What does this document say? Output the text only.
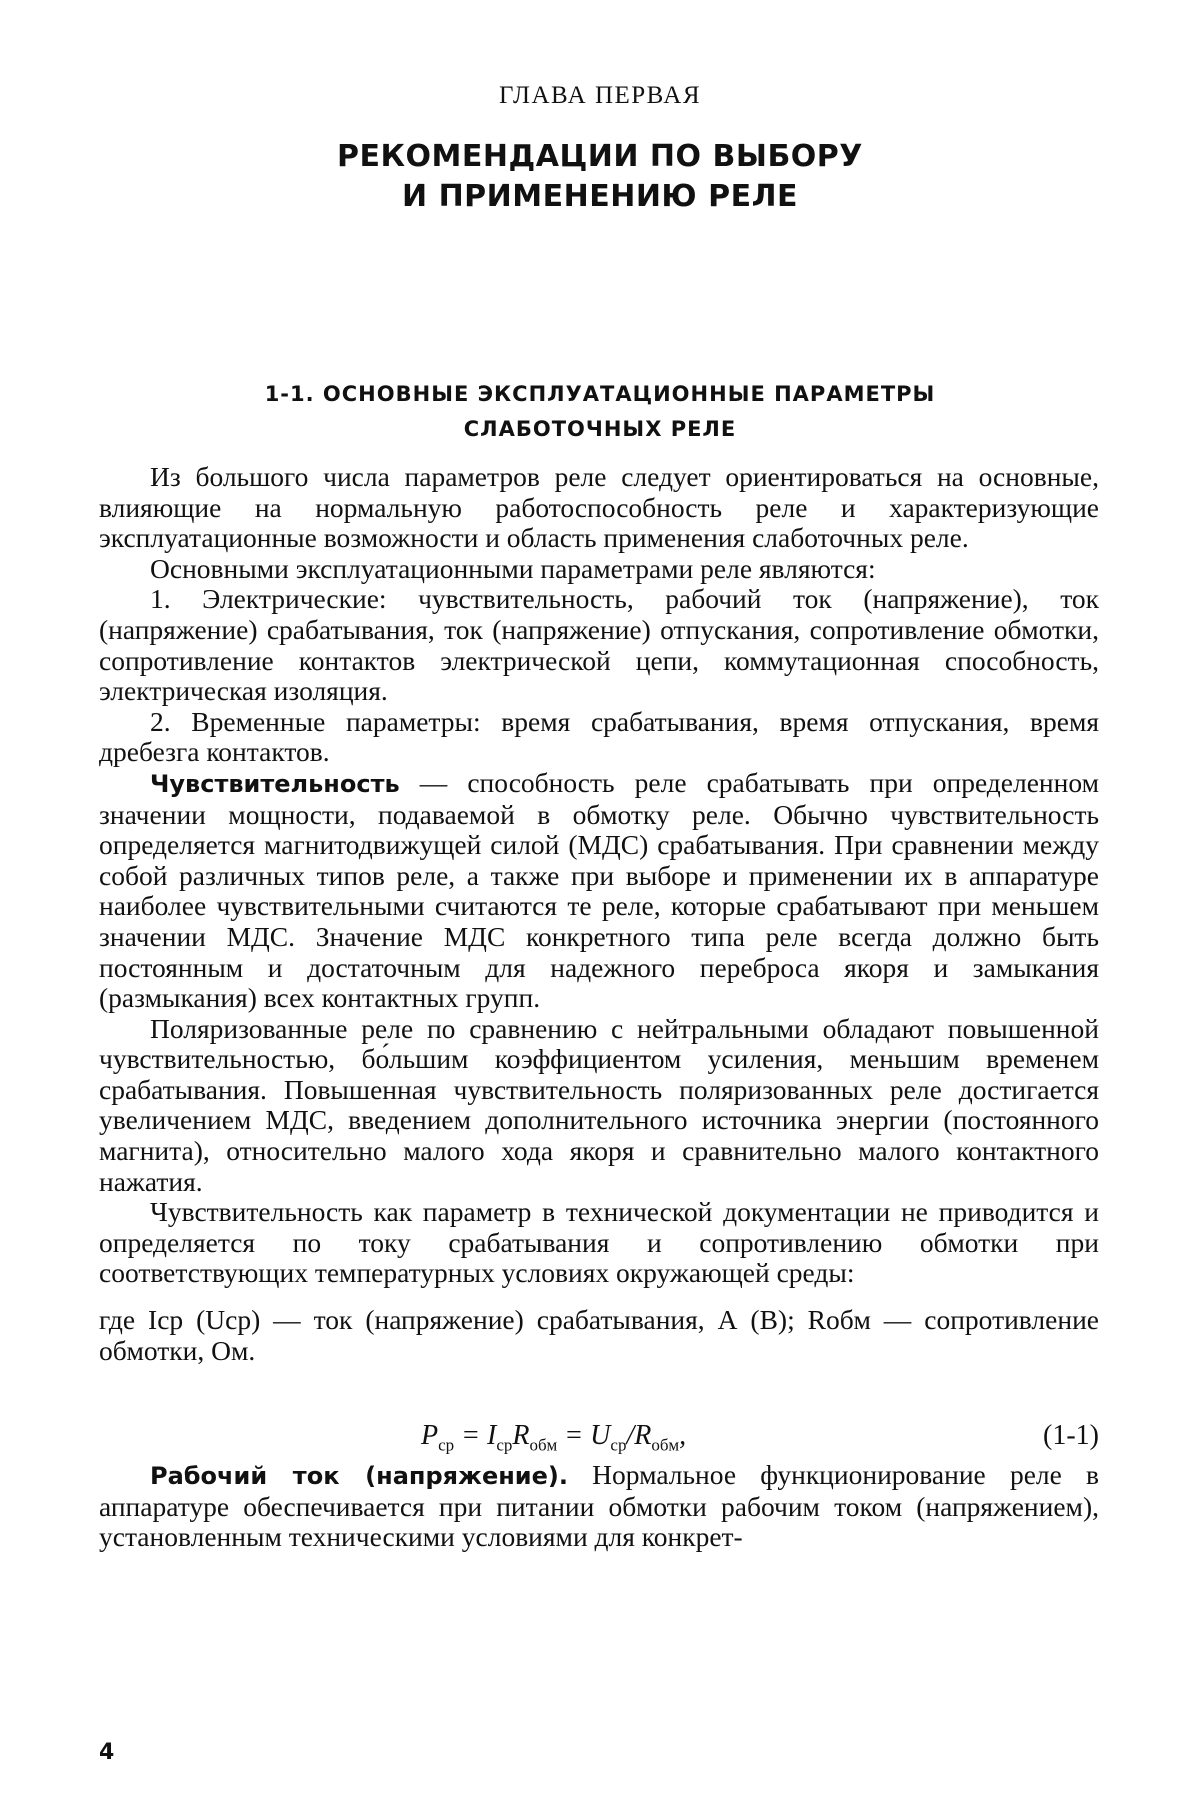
ГЛАВА ПЕРВАЯ
РЕКОМЕНДАЦИИ ПО ВЫБОРУ
И ПРИМЕНЕНИЮ РЕЛЕ
1-1. ОСНОВНЫЕ ЭКСПЛУАТАЦИОННЫЕ ПАРАМЕТРЫ
СЛАБОТОЧНЫХ РЕЛЕ

Из большого числа параметров реле следует ориентироваться на основные, влияющие на нормальную работоспособность реле и характеризующие эксплуатационные возможности и область применения слаботочных реле.

Основными эксплуатационными параметрами реле являются:

1. Электрические: чувствительность, рабочий ток (напряжение), ток (напряжение) срабатывания, ток (напряжение) отпускания, сопротивление обмотки, сопротивление контактов электрической цепи, коммутационная способность, электрическая изоляция.

2. Временные параметры: время срабатывания, время отпускания, время дребезга контактов.

Чувствительность — способность реле срабатывать при определенном значении мощности, подаваемой в обмотку реле. Обычно чувствительность определяется магнитодвижущей силой (МДС) срабатывания. При сравнении между собой различных типов реле, а также при выборе и применении их в аппаратуре наиболее чувствительными считаются те реле, которые срабатывают при меньшем значении МДС. Значение МДС конкретного типа реле всегда должно быть постоянным и достаточным для надежного переброса якоря и замыкания (размыкания) всех контактных групп.

Поляризованные реле по сравнению с нейтральными обладают повышенной чувствительностью, бо́льшим коэффициентом усиления, меньшим временем срабатывания. Повышенная чувствительность поляризованных реле достигается увеличением МДС, введением дополнительного источника энергии (постоянного магнита), относительно малого хода якоря и сравнительно малого контактного нажатия.

Чувствительность как параметр в технической документации не приводится и определяется по току срабатывания и сопротивлению обмотки при соответствующих температурных условиях окружающей среды:

$P_{ср} = I_{ср}R_{обм} = U_{ср}/R_{обм}$,	(1-1)

где Iср (Uср) — ток (напряжение) срабатывания, А (В); Rобм — сопротивление обмотки, Ом.

Рабочий ток (напряжение). Нормальное функционирование реле в аппаратуре обеспечивается при питании обмотки рабочим током (напряжением), установленным техническими условиями для конкрет-

4
